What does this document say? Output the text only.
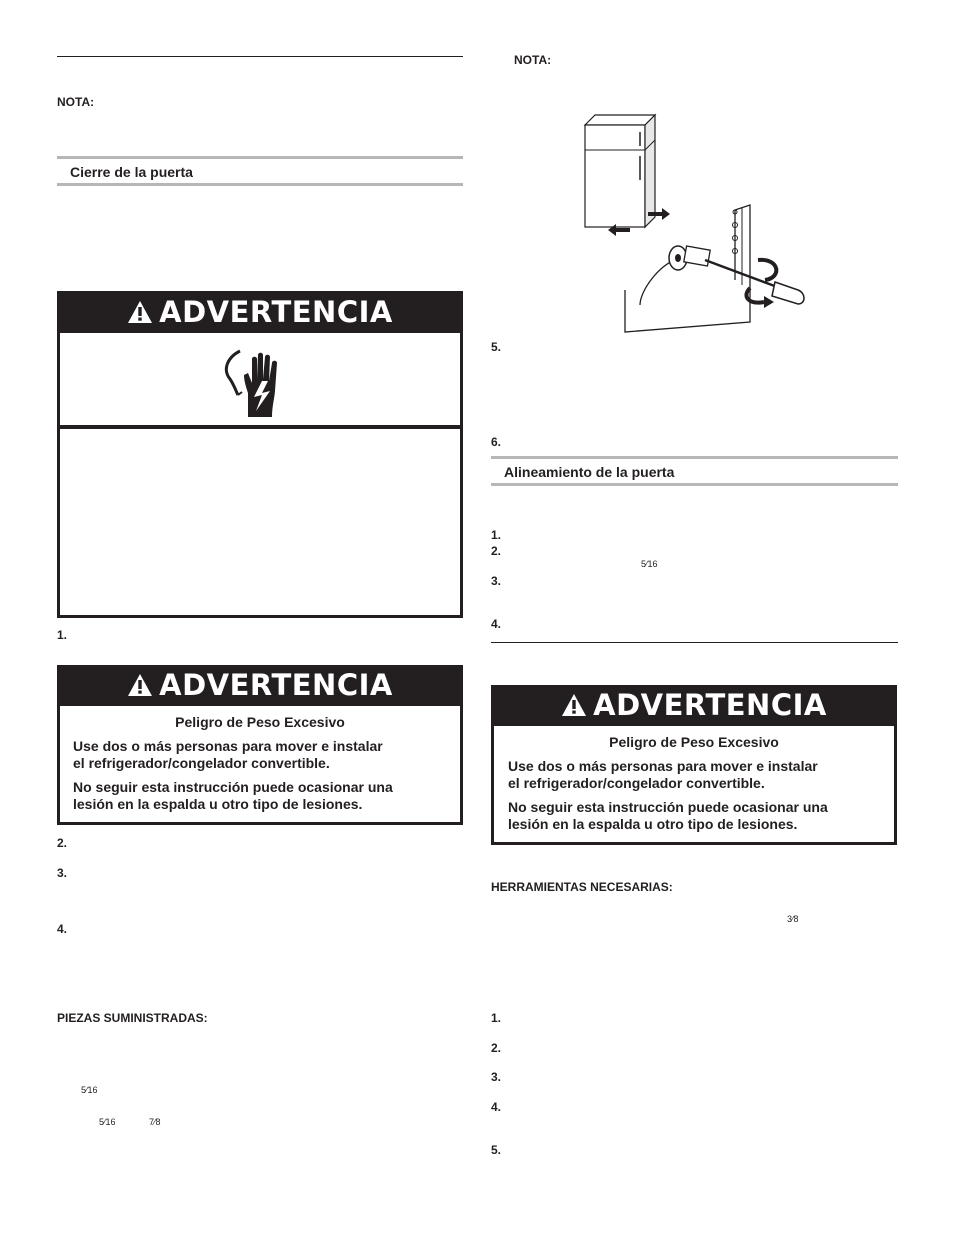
NOTA:
Cierre de la puerta
ADVERTENCIA
1.
ADVERTENCIA
Peligro de Peso Excesivo
Use dos o más personas para mover e instalar
el refrigerador/congelador convertible.
No seguir esta instrucción puede ocasionar una
lesión en la espalda u otro tipo de lesiones.
2.
3.
4.
PIEZAS SUMINISTRADAS:
5⁄16
5⁄16	7⁄8
NOTA:
5.
6.
Alineamiento de la puerta
1.
2.
5⁄16
3.
4.
ADVERTENCIA
Peligro de Peso Excesivo
Use dos o más personas para mover e instalar
el refrigerador/congelador convertible.
No seguir esta instrucción puede ocasionar una
lesión en la espalda u otro tipo de lesiones.
HERRAMIENTAS NECESARIAS:
3⁄8
1.
2.
3.
4.
5.
